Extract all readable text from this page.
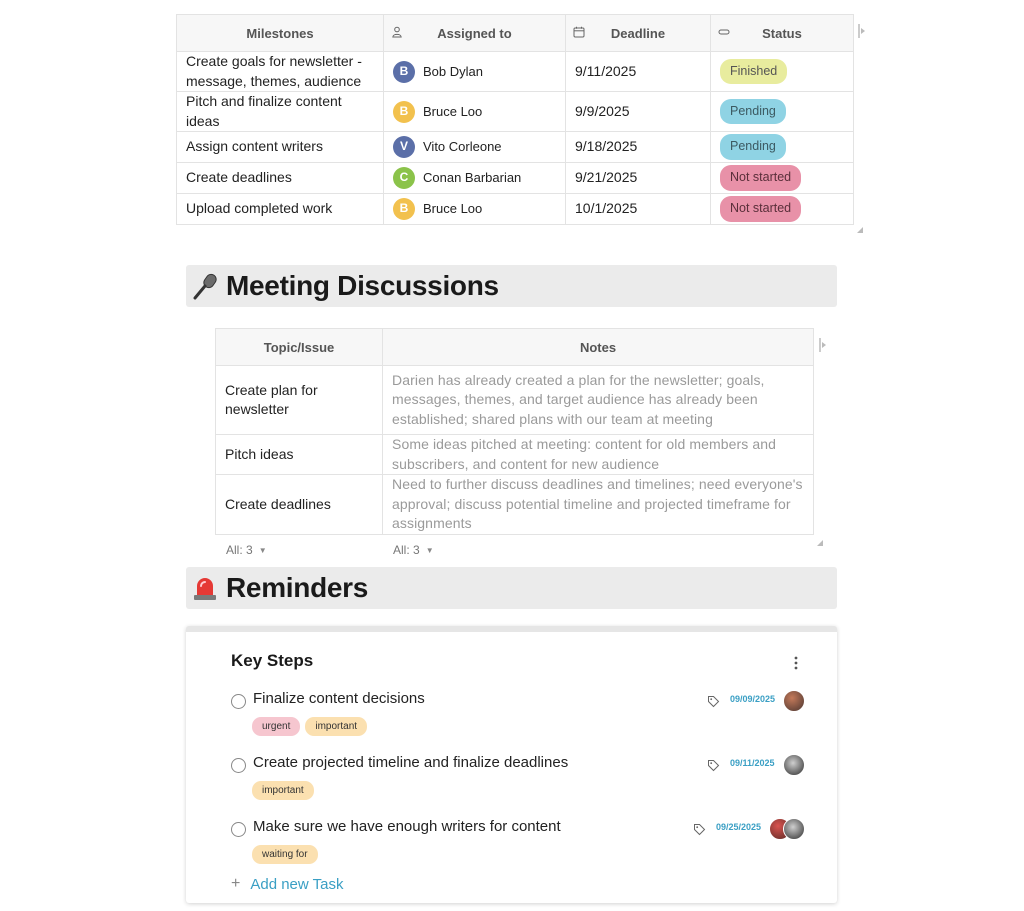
Milestones	Assigned to	Deadline	Status
Create goals for newsletter - message, themes, audience	B Bob Dylan	9/11/2025	Finished
Pitch and finalize content ideas	B Bruce Loo	9/9/2025	Pending
Assign content writers	V Vito Corleone	9/18/2025	Pending
Create deadlines	C Conan Barbarian	9/21/2025	Not started
Upload completed work	B Bruce Loo	10/1/2025	Not started
Meeting Discussions
Topic/Issue	Notes
Create plan for newsletter	Darien has already created a plan for the newsletter; goals, messages, themes, and target audience has already been established; shared plans with our team at meeting
Pitch ideas	Some ideas pitched at meeting: content for old members and subscribers, and content for new audience
Create deadlines	Need to further discuss deadlines and timelines; need everyone's approval; discuss potential timeline and projected timeframe for assignments
All: 3 ▼	All: 3 ▼
Reminders
Key Steps
Finalize content decisions
urgent	important
09/09/2025
Create projected timeline and finalize deadlines
important
09/11/2025
Make sure we have enough writers for content
waiting for
09/25/2025
+ Add new Task
